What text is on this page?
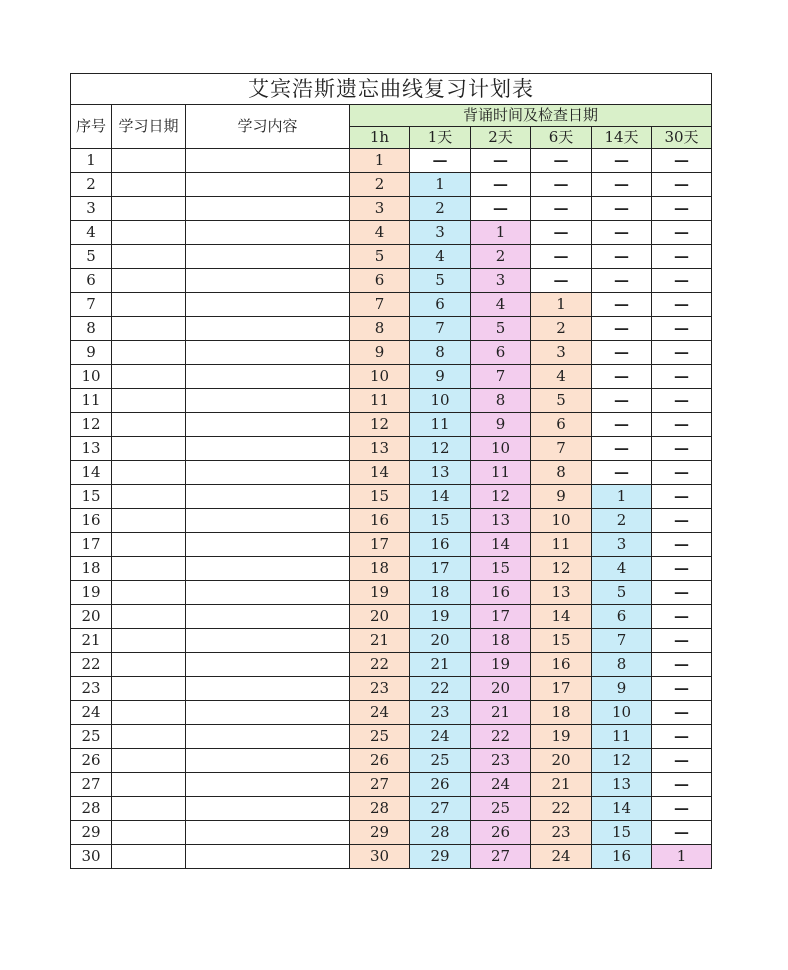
艾宾浩斯遗忘曲线复习计划表								
序号	学习日期	学习内容	背诵时间及检查日期					
			1h	1天	2天	6天	14天	30天
1			1	—	—	—	—	—
2			2	1	—	—	—	—
3			3	2	—	—	—	—
4			4	3	1	—	—	—
5			5	4	2	—	—	—
6			6	5	3	—	—	—
7			7	6	4	1	—	—
8			8	7	5	2	—	—
9			9	8	6	3	—	—
10			10	9	7	4	—	—
11			11	10	8	5	—	—
12			12	11	9	6	—	—
13			13	12	10	7	—	—
14			14	13	11	8	—	—
15			15	14	12	9	1	—
16			16	15	13	10	2	—
17			17	16	14	11	3	—
18			18	17	15	12	4	—
19			19	18	16	13	5	—
20			20	19	17	14	6	—
21			21	20	18	15	7	—
22			22	21	19	16	8	—
23			23	22	20	17	9	—
24			24	23	21	18	10	—
25			25	24	22	19	11	—
26			26	25	23	20	12	—
27			27	26	24	21	13	—
28			28	27	25	22	14	—
29			29	28	26	23	15	—
30			30	29	27	24	16	1
